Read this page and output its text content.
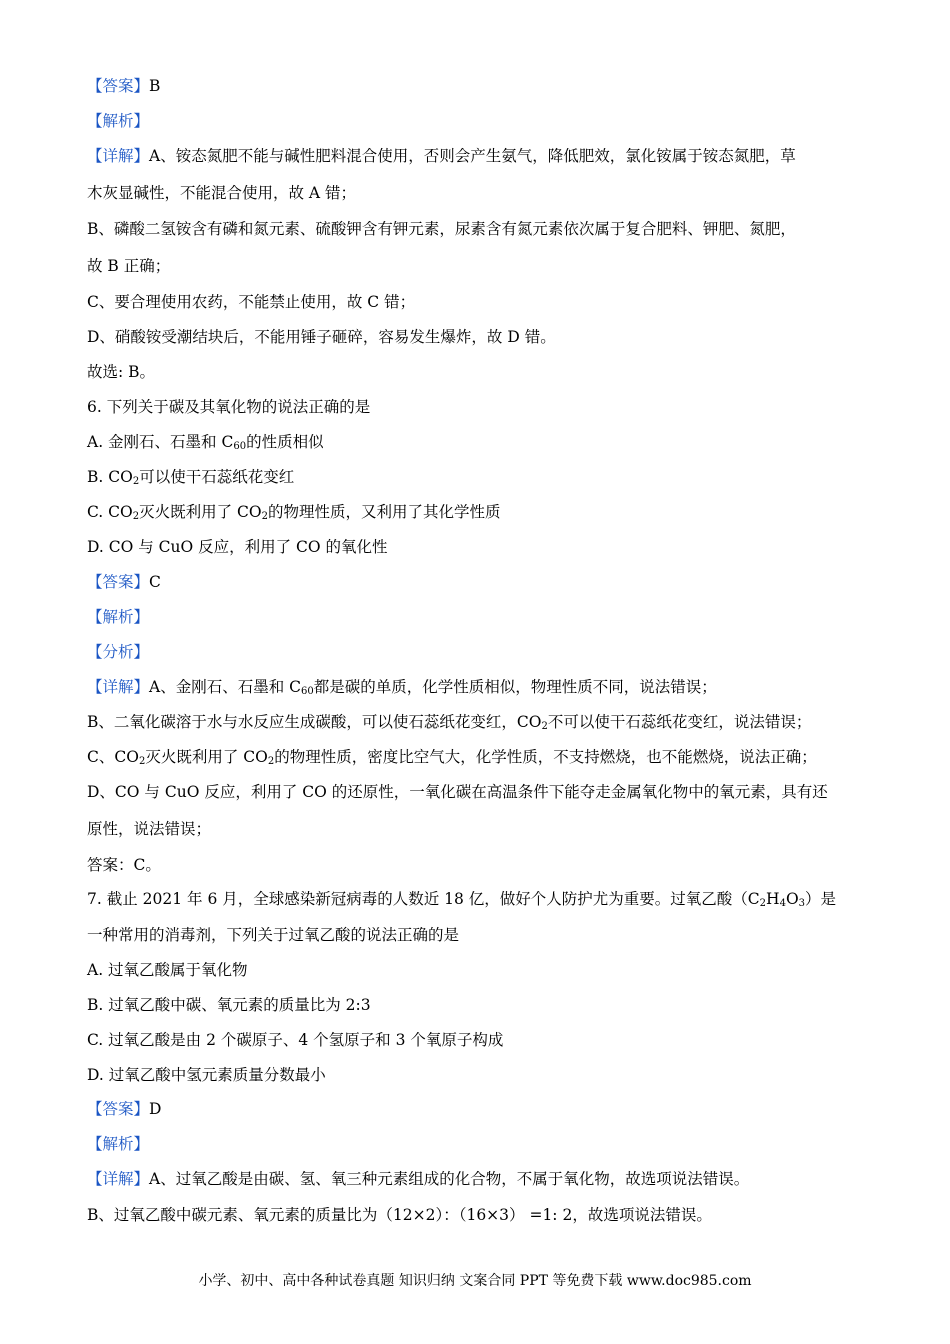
【答案】B
【解析】
【详解】A、铵态氮肥不能与碱性肥料混合使用，否则会产生氨气，降低肥效，氯化铵属于铵态氮肥，草
木灰显碱性，不能混合使用，故 A 错；
B、磷酸二氢铵含有磷和氮元素、硫酸钾含有钾元素，尿素含有氮元素依次属于复合肥料、钾肥、氮肥，
故 B 正确；
C、要合理使用农药，不能禁止使用，故 C 错；
D、硝酸铵受潮结块后，不能用锤子砸碎，容易发生爆炸，故 D 错。
故选: B。
6. 下列关于碳及其氧化物的说法正确的是
A. 金刚石、石墨和 $C_{60}$的性质相似
B. $CO_2$可以使干石蕊纸花变红
C. $CO_2$灭火既利用了 $CO_2$的物理性质，又利用了其化学性质
D. CO 与 CuO 反应，利用了 CO 的氧化性
【答案】C
【解析】
【分析】
【详解】A、金刚石、石墨和 $C_{60}$都是碳的单质，化学性质相似，物理性质不同，说法错误；
B、二氧化碳溶于水与水反应生成碳酸，可以使石蕊纸花变红，$CO_2$不可以使干石蕊纸花变红，说法错误；
C、$CO_2$灭火既利用了 $CO_2$的物理性质，密度比空气大，化学性质，不支持燃烧，也不能燃烧，说法正确；
D、CO 与 CuO 反应，利用了 CO 的还原性，一氧化碳在高温条件下能夺走金属氧化物中的氧元素，具有还
原性，说法错误；
答案：C。
7. 截止 2021 年 6 月，全球感染新冠病毒的人数近 18 亿，做好个人防护尤为重要。过氧乙酸$(C_2H_4O_3)$是
一种常用的消毒剂，下列关于过氧乙酸的说法正确的是
A. 过氧乙酸属于氧化物
B. 过氧乙酸中碳、氧元素的质量比为 2:3
C. 过氧乙酸是由 2 个碳原子、4 个氢原子和 3 个氧原子构成
D. 过氧乙酸中氢元素质量分数最小
【答案】D
【解析】
【详解】A、过氧乙酸是由碳、氢、氧三种元素组成的化合物，不属于氧化物，故选项说法错误。
B、过氧乙酸中碳元素、氧元素的质量比为（12×2）：（16×3） =1: 2，故选项说法错误。
小学、初中、高中各种试卷真题 知识归纳 文案合同 PPT 等免费下载 www.doc985.com
